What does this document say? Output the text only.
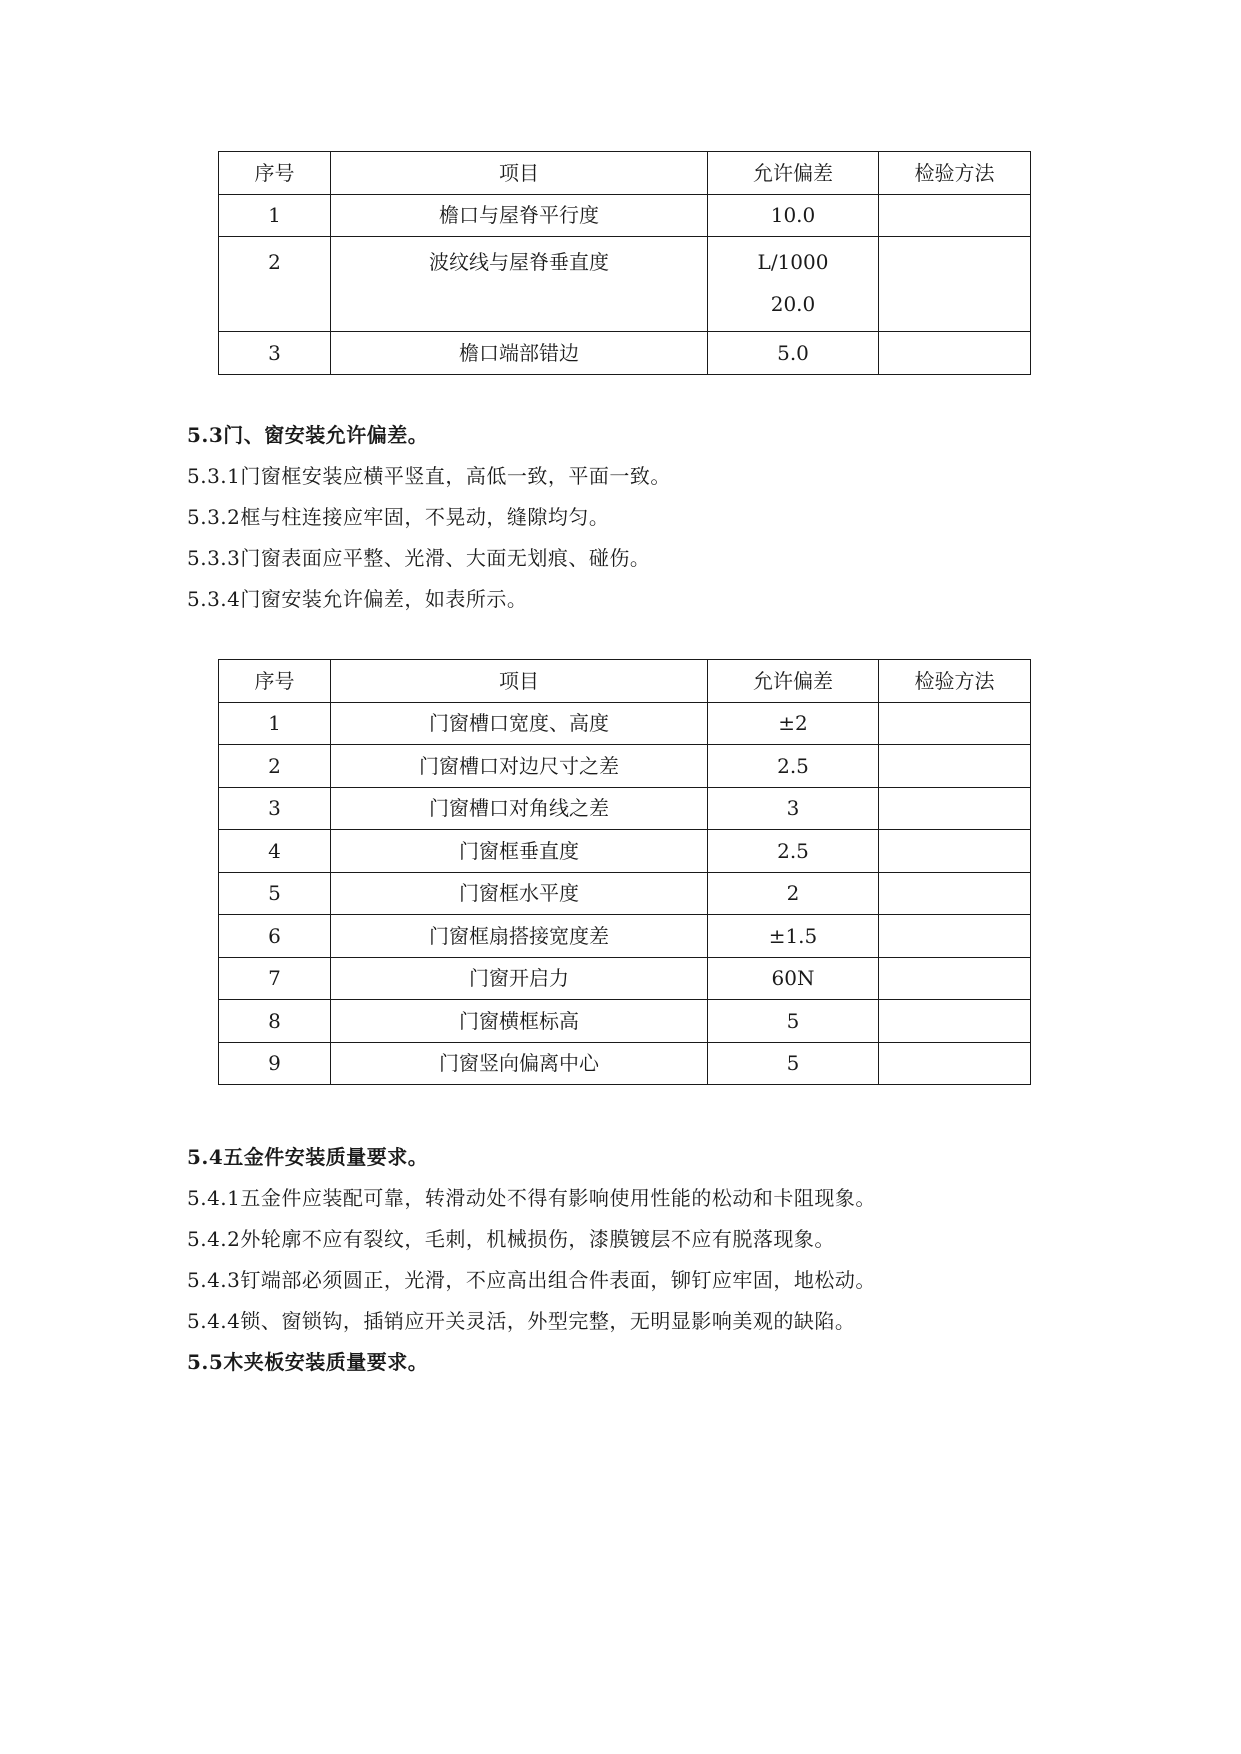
序号	项目	允许偏差	检验方法
1	檐口与屋脊平行度	10.0	

2	波纹线与屋脊垂直度	L/1000
20.0	

3	檐口端部错边	5.0	
5.3门、窗安装允许偏差。
5.3.1门窗框安装应横平竖直，高低一致，平面一致。
5.3.2框与柱连接应牢固，不晃动，缝隙均匀。
5.3.3门窗表面应平整、光滑、大面无划痕、碰伤。
5.3.4门窗安装允许偏差，如表所示。
序号	项目	允许偏差	检验方法
1	门窗槽口宽度、高度	±2	
2	门窗槽口对边尺寸之差	2.5	
3	门窗槽口对角线之差	3	
4	门窗框垂直度	2.5	
5	门窗框水平度	2	
6	门窗框扇搭接宽度差	±1.5	
7	门窗开启力	60N	
8	门窗横框标高	5	
9	门窗竖向偏离中心	5	
5.4五金件安装质量要求。
5.4.1五金件应装配可靠，转滑动处不得有影响使用性能的松动和卡阻现象。
5.4.2外轮廓不应有裂纹，毛刺，机械损伤，漆膜镀层不应有脱落现象。
5.4.3钉端部必须圆正，光滑，不应高出组合件表面，铆钉应牢固，地松动。
5.4.4锁、窗锁钩，插销应开关灵活，外型完整，无明显影响美观的缺陷。
5.5木夹板安装质量要求。
